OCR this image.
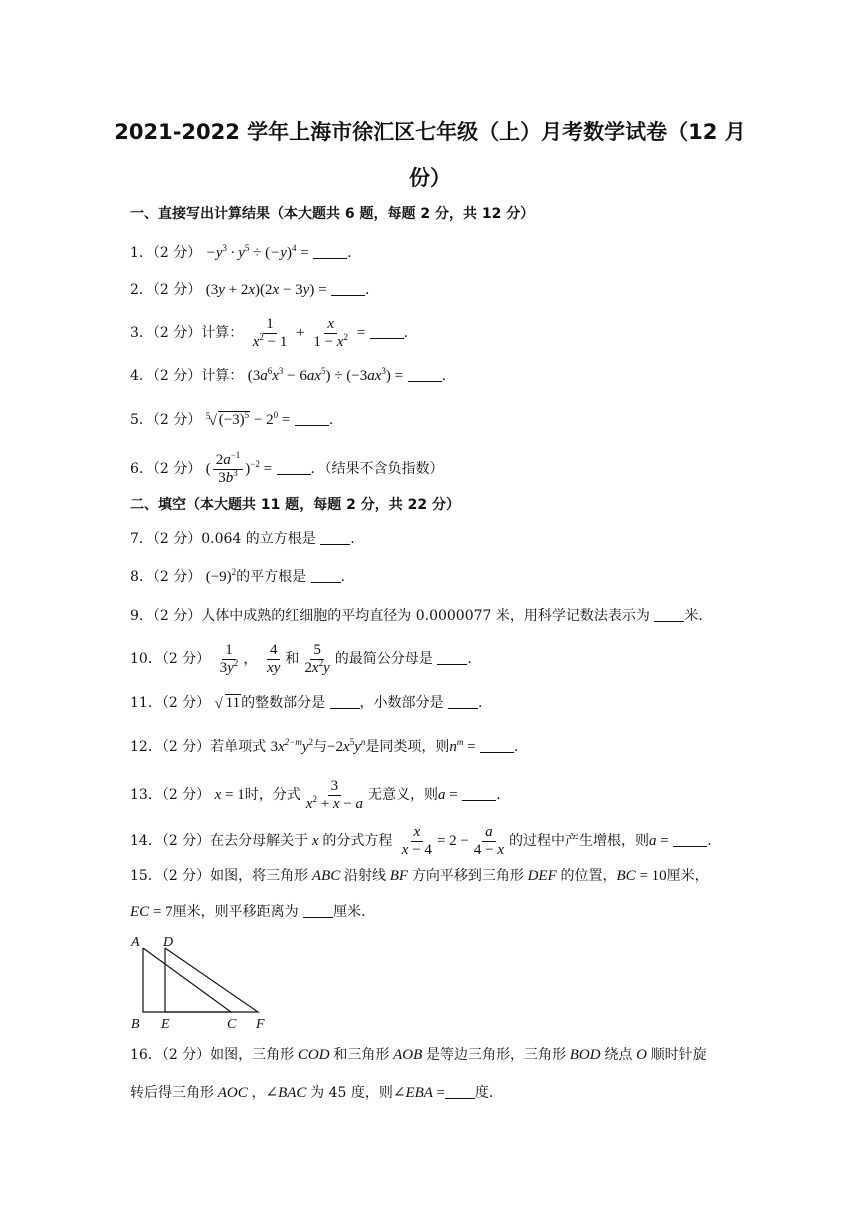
2021-2022 学年上海市徐汇区七年级（上）月考数学试卷（12 月
份）
一、直接写出计算结果（本大题共 6 题，每题 2 分，共 12 分）
1．（2 分） $-y^3 \cdot y^5 \div (-y)^4$ =	.
2．（2 分） (3y + 2x)(2x − 3y) =	.
3．（2 分）计算： $\frac{1}{x^2 - 1} + \frac{x}{1 - x^2}$ =	.
4．（2 分）计算： $(3a^6x^3 - 6ax^5) \div (-3ax^3)$ =	.
5．（2 分） 5
√ $(-3)^5 - 2^0$ =	.
6．（2 分） ( $\frac{2a^{-1}}{3b^3} )^{-2}$ =	．（结果不含负指数）
二、填空（本大题共 11 题，每题 2 分，共 22 分）
7．（2 分）0.064 的立方根是 .
8．（2 分） $(-9)^2$的平方根是 .
9．（2 分）人体中成熟的红细胞的平均直径为 0.0000077 米，用科学记数法表示为 米．
10．（2 分） $\frac{1}{3y^2}$ ， $\frac{4}{xy}$ 和 $\frac{5}{2x^2y}$ 的最简公分母是 .
11．（2 分） √ 11的整数部分是 ，小数部分是 .
12．（2 分）若单项式 $3x^{2-m}y^2$与$-2x^5y^n$是同类项，则$n^m$ =	.
13．（2 分） x = 1时，分式 $\frac{3}{x^2 + x - a}$ 无意义，则a =	.
14．（2 分）在去分母解关于 x 的分式方程 $\frac{x}{x - 4} = 2 - \frac{a}{4 - x}$ 的过程中产生增根，则a =	.
15．（2 分）如图，将三角形 ABC 沿射线 BF 方向平移到三角形 DEF 的位置，BC = 10厘米，
EC = 7厘米，则平移距离为 厘米．
A D
B E	C F
16．（2 分）如图，三角形 COD 和三角形 AOB 是等边三角形，三角形 BOD 绕点 O 顺时针旋
转后得三角形 AOC ，∠BAC 为 45 度，则∠EBA = 度．
